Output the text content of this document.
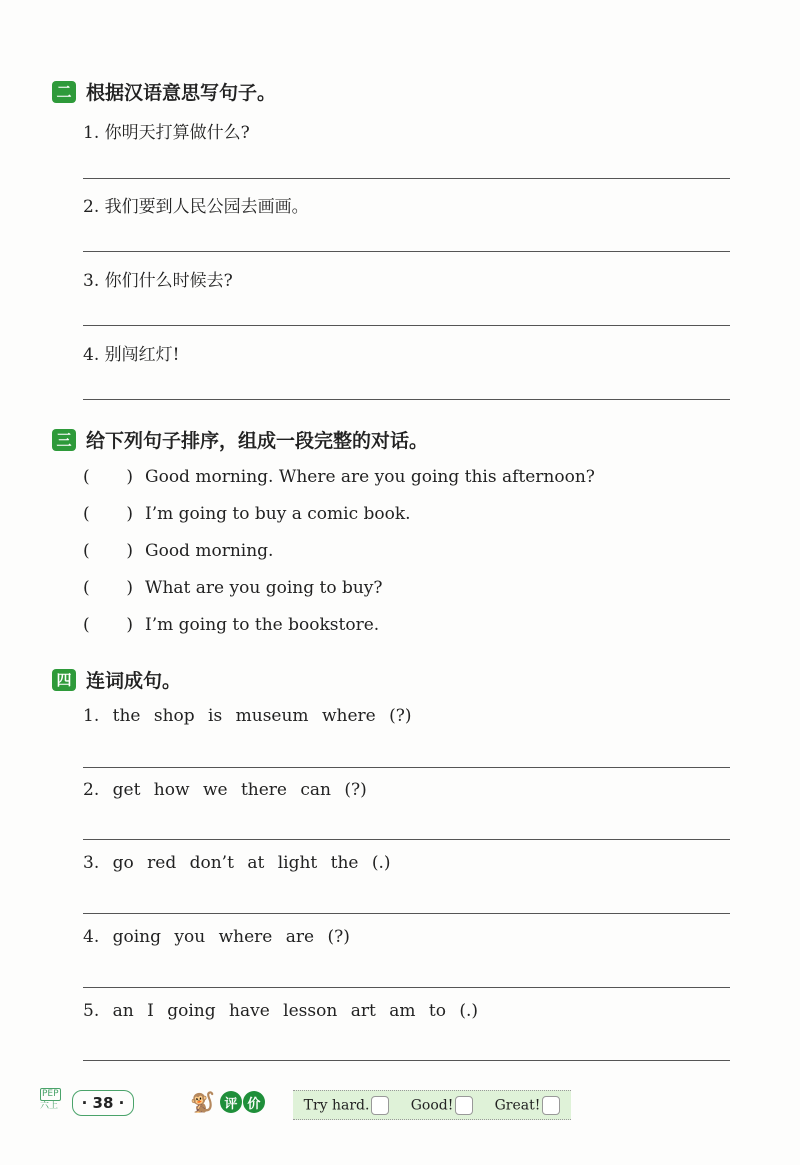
二 根据汉语意思写句子。
1. 你明天打算做什么?
2. 我们要到人民公园去画画。
3. 你们什么时候去?
4. 别闯红灯!
三 给下列句子排序，组成一段完整的对话。
( ) Good morning. Where are you going this afternoon?
( ) I’m going to buy a comic book.
( ) Good morning.
( ) What are you going to buy?
( ) I’m going to the bookstore.
四 连词成句。
1. the shop is museum where (?)
2. get how we there can (?)
3. go red don’t at light the (.)
4. going you where are (?)
5. an I going have lesson art am to (.)
PEP
六上	· 38 ·	🐒 评 价	Try hard.	Good!	Great!
